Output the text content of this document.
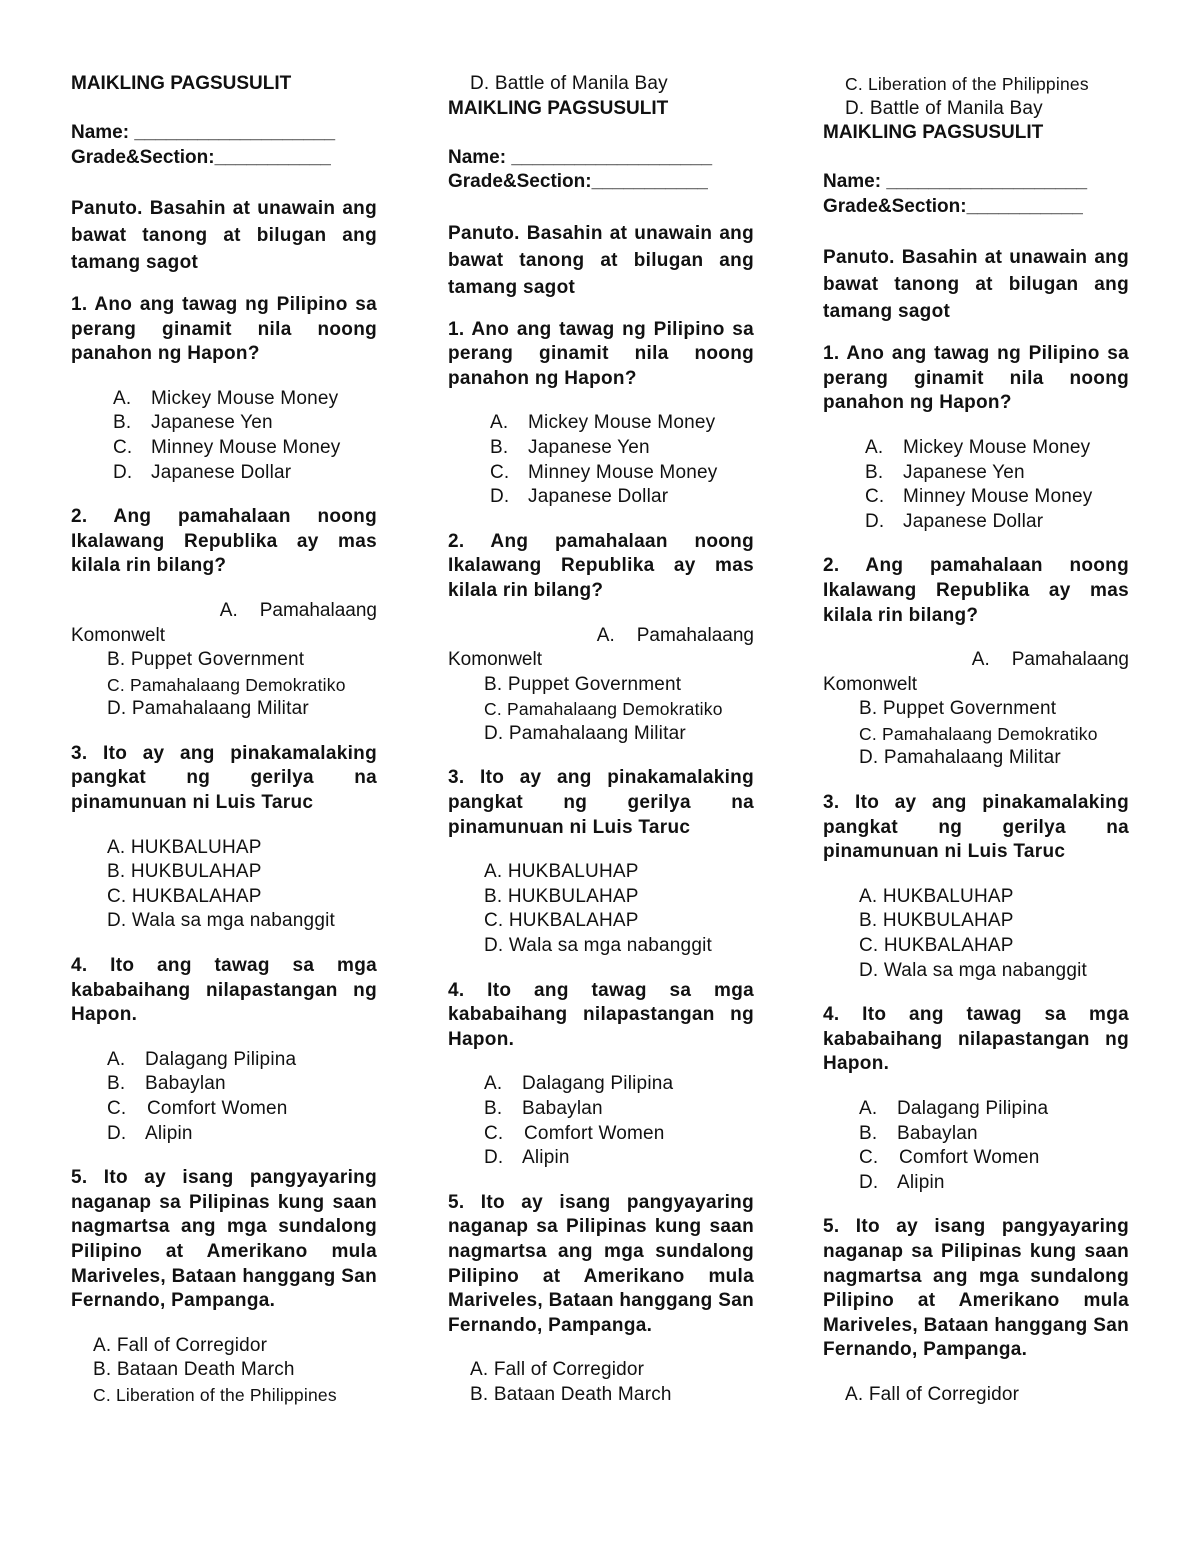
MAIKLING PAGSUSULIT
Name: ___________________
Grade&Section:___________
Panuto. Basahin at unawain ang bawat tanong at bilugan ang tamang sagot
1. Ano ang tawag ng Pilipino sa perang ginamit nila noong panahon ng Hapon?
A.	Mickey Mouse Money
B.	Japanese Yen
C. Minney Mouse Money
D. Japanese Dollar
2. Ang pamahalaan noong Ikalawang Republika ay mas kilala rin bilang?
A. Pamahalaang
Komonwelt
B. Puppet Government
C. Pamahalaang Demokratiko
D. Pamahalaang Militar
3. Ito ay ang pinakamalaking pangkat ng gerilya na pinamunuan ni Luis Taruc
A. HUKBALUHAP
B. HUKBULAHAP
C. HUKBALAHAP
D. Wala sa mga nabanggit
4. Ito ang tawag sa mga kababaihang nilapastangan ng Hapon.
A.	Dalagang Pilipina
B.	Babaylan
C.	Comfort Women
D. Alipin
5. Ito ay isang pangyayaring naganap sa Pilipinas kung saan nagmartsa ang mga sundalong Pilipino at Amerikano mula Mariveles, Bataan hanggang San Fernando, Pampanga.
A. Fall of Corregidor
B. Bataan Death March
C. Liberation of the Philippines
D. Battle of Manila Bay
MAIKLING PAGSUSULIT
Name: ___________________
Grade&Section:___________
Panuto. Basahin at unawain ang bawat tanong at bilugan ang tamang sagot
1. Ano ang tawag ng Pilipino sa perang ginamit nila noong panahon ng Hapon?
A.	Mickey Mouse Money
B.	Japanese Yen
C. Minney Mouse Money
D. Japanese Dollar
2. Ang pamahalaan noong Ikalawang Republika ay mas kilala rin bilang?
A. Pamahalaang
Komonwelt
B. Puppet Government
C. Pamahalaang Demokratiko
D. Pamahalaang Militar
3. Ito ay ang pinakamalaking pangkat ng gerilya na pinamunuan ni Luis Taruc
A. HUKBALUHAP
B. HUKBULAHAP
C. HUKBALAHAP
D. Wala sa mga nabanggit
4. Ito ang tawag sa mga kababaihang nilapastangan ng Hapon.
A.	Dalagang Pilipina
B.	Babaylan
C.	Comfort Women
D. Alipin
5. Ito ay isang pangyayaring naganap sa Pilipinas kung saan nagmartsa ang mga sundalong Pilipino at Amerikano mula Mariveles, Bataan hanggang San Fernando, Pampanga.
A. Fall of Corregidor
B. Bataan Death March
C. Liberation of the Philippines
D. Battle of Manila Bay
MAIKLING PAGSUSULIT
Name: ___________________
Grade&Section:___________
Panuto. Basahin at unawain ang bawat tanong at bilugan ang tamang sagot
1. Ano ang tawag ng Pilipino sa perang ginamit nila noong panahon ng Hapon?
A.	Mickey Mouse Money
B.	Japanese Yen
C. Minney Mouse Money
D. Japanese Dollar
2. Ang pamahalaan noong Ikalawang Republika ay mas kilala rin bilang?
A. Pamahalaang
Komonwelt
B. Puppet Government
C. Pamahalaang Demokratiko
D. Pamahalaang Militar
3. Ito ay ang pinakamalaking pangkat ng gerilya na pinamunuan ni Luis Taruc
A. HUKBALUHAP
B. HUKBULAHAP
C. HUKBALAHAP
D. Wala sa mga nabanggit
4. Ito ang tawag sa mga kababaihang nilapastangan ng Hapon.
A.	Dalagang Pilipina
B.	Babaylan
C.	Comfort Women
D. Alipin
5. Ito ay isang pangyayaring naganap sa Pilipinas kung saan nagmartsa ang mga sundalong Pilipino at Amerikano mula Mariveles, Bataan hanggang San Fernando, Pampanga.
A. Fall of Corregidor
